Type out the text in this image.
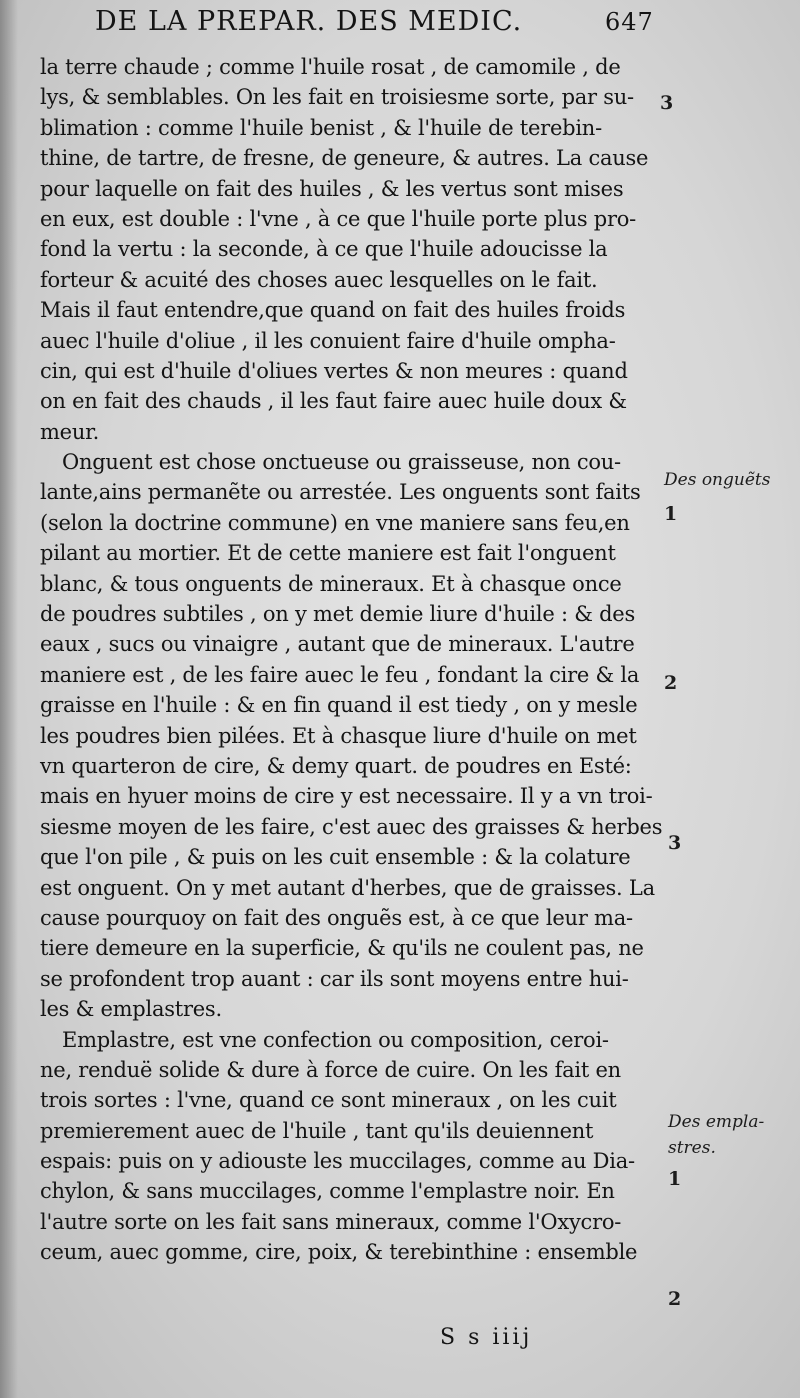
DE LA PREPAR. DES MEDIC.	647
la terre chaude ; comme l'huile rosat , de camomile , de
lys, & semblables. On les fait en troisiesme sorte, par su-
blimation : comme l'huile benist , & l'huile de terebin-
thine, de tartre, de fresne, de geneure, & autres. La cause
pour laquelle on fait des huiles , & les vertus sont mises
en eux, est double : l'vne , à ce que l'huile porte plus pro-
fond la vertu : la seconde, à ce que l'huile adoucisse la
forteur & acuité des choses auec lesquelles on le fait.
Mais il faut entendre,que quand on fait des huiles froids
auec l'huile d'oliue , il les conuient faire d'huile ompha-
cin, qui est d'huile d'oliues vertes & non meures : quand
on en fait des chauds , il les faut faire auec huile doux &
meur.
Onguent est chose onctueuse ou graisseuse, non cou-
lante,ains permanẽte ou arrestée. Les onguents sont faits
(selon la doctrine commune) en vne maniere sans feu,en
pilant au mortier. Et de cette maniere est fait l'onguent
blanc, & tous onguents de mineraux. Et à chasque once
de poudres subtiles , on y met demie liure d'huile : & des
eaux , sucs ou vinaigre , autant que de mineraux. L'autre
maniere est , de les faire auec le feu , fondant la cire & la
graisse en l'huile : & en fin quand il est tiedy , on y mesle
les poudres bien pilées. Et à chasque liure d'huile on met
vn quarteron de cire, & demy quart. de poudres en Esté:
mais en hyuer moins de cire y est necessaire. Il y a vn troi-
siesme moyen de les faire, c'est auec des graisses & herbes
que l'on pile , & puis on les cuit ensemble : & la colature
est onguent. On y met autant d'herbes, que de graisses. La
cause pourquoy on fait des onguẽs est, à ce que leur ma-
tiere demeure en la superficie, & qu'ils ne coulent pas, ne
se profondent trop auant : car ils sont moyens entre hui-
les & emplastres.
Emplastre, est vne confection ou composition, ceroi-
ne, renduë solide & dure à force de cuire. On les fait en
trois sortes : l'vne, quand ce sont mineraux , on les cuit
premierement auec de l'huile , tant qu'ils deuiennent
espais: puis on y adiouste les muccilages, comme au Dia-
chylon, & sans muccilages, comme l'emplastre noir. En
l'autre sorte on les fait sans mineraux, comme l'Oxycro-
ceum, auec gomme, cire, poix, & terebinthine : ensemble
3
Des onguẽts
1
2
3
Des empla-
stres.
1
2
S s iiij
